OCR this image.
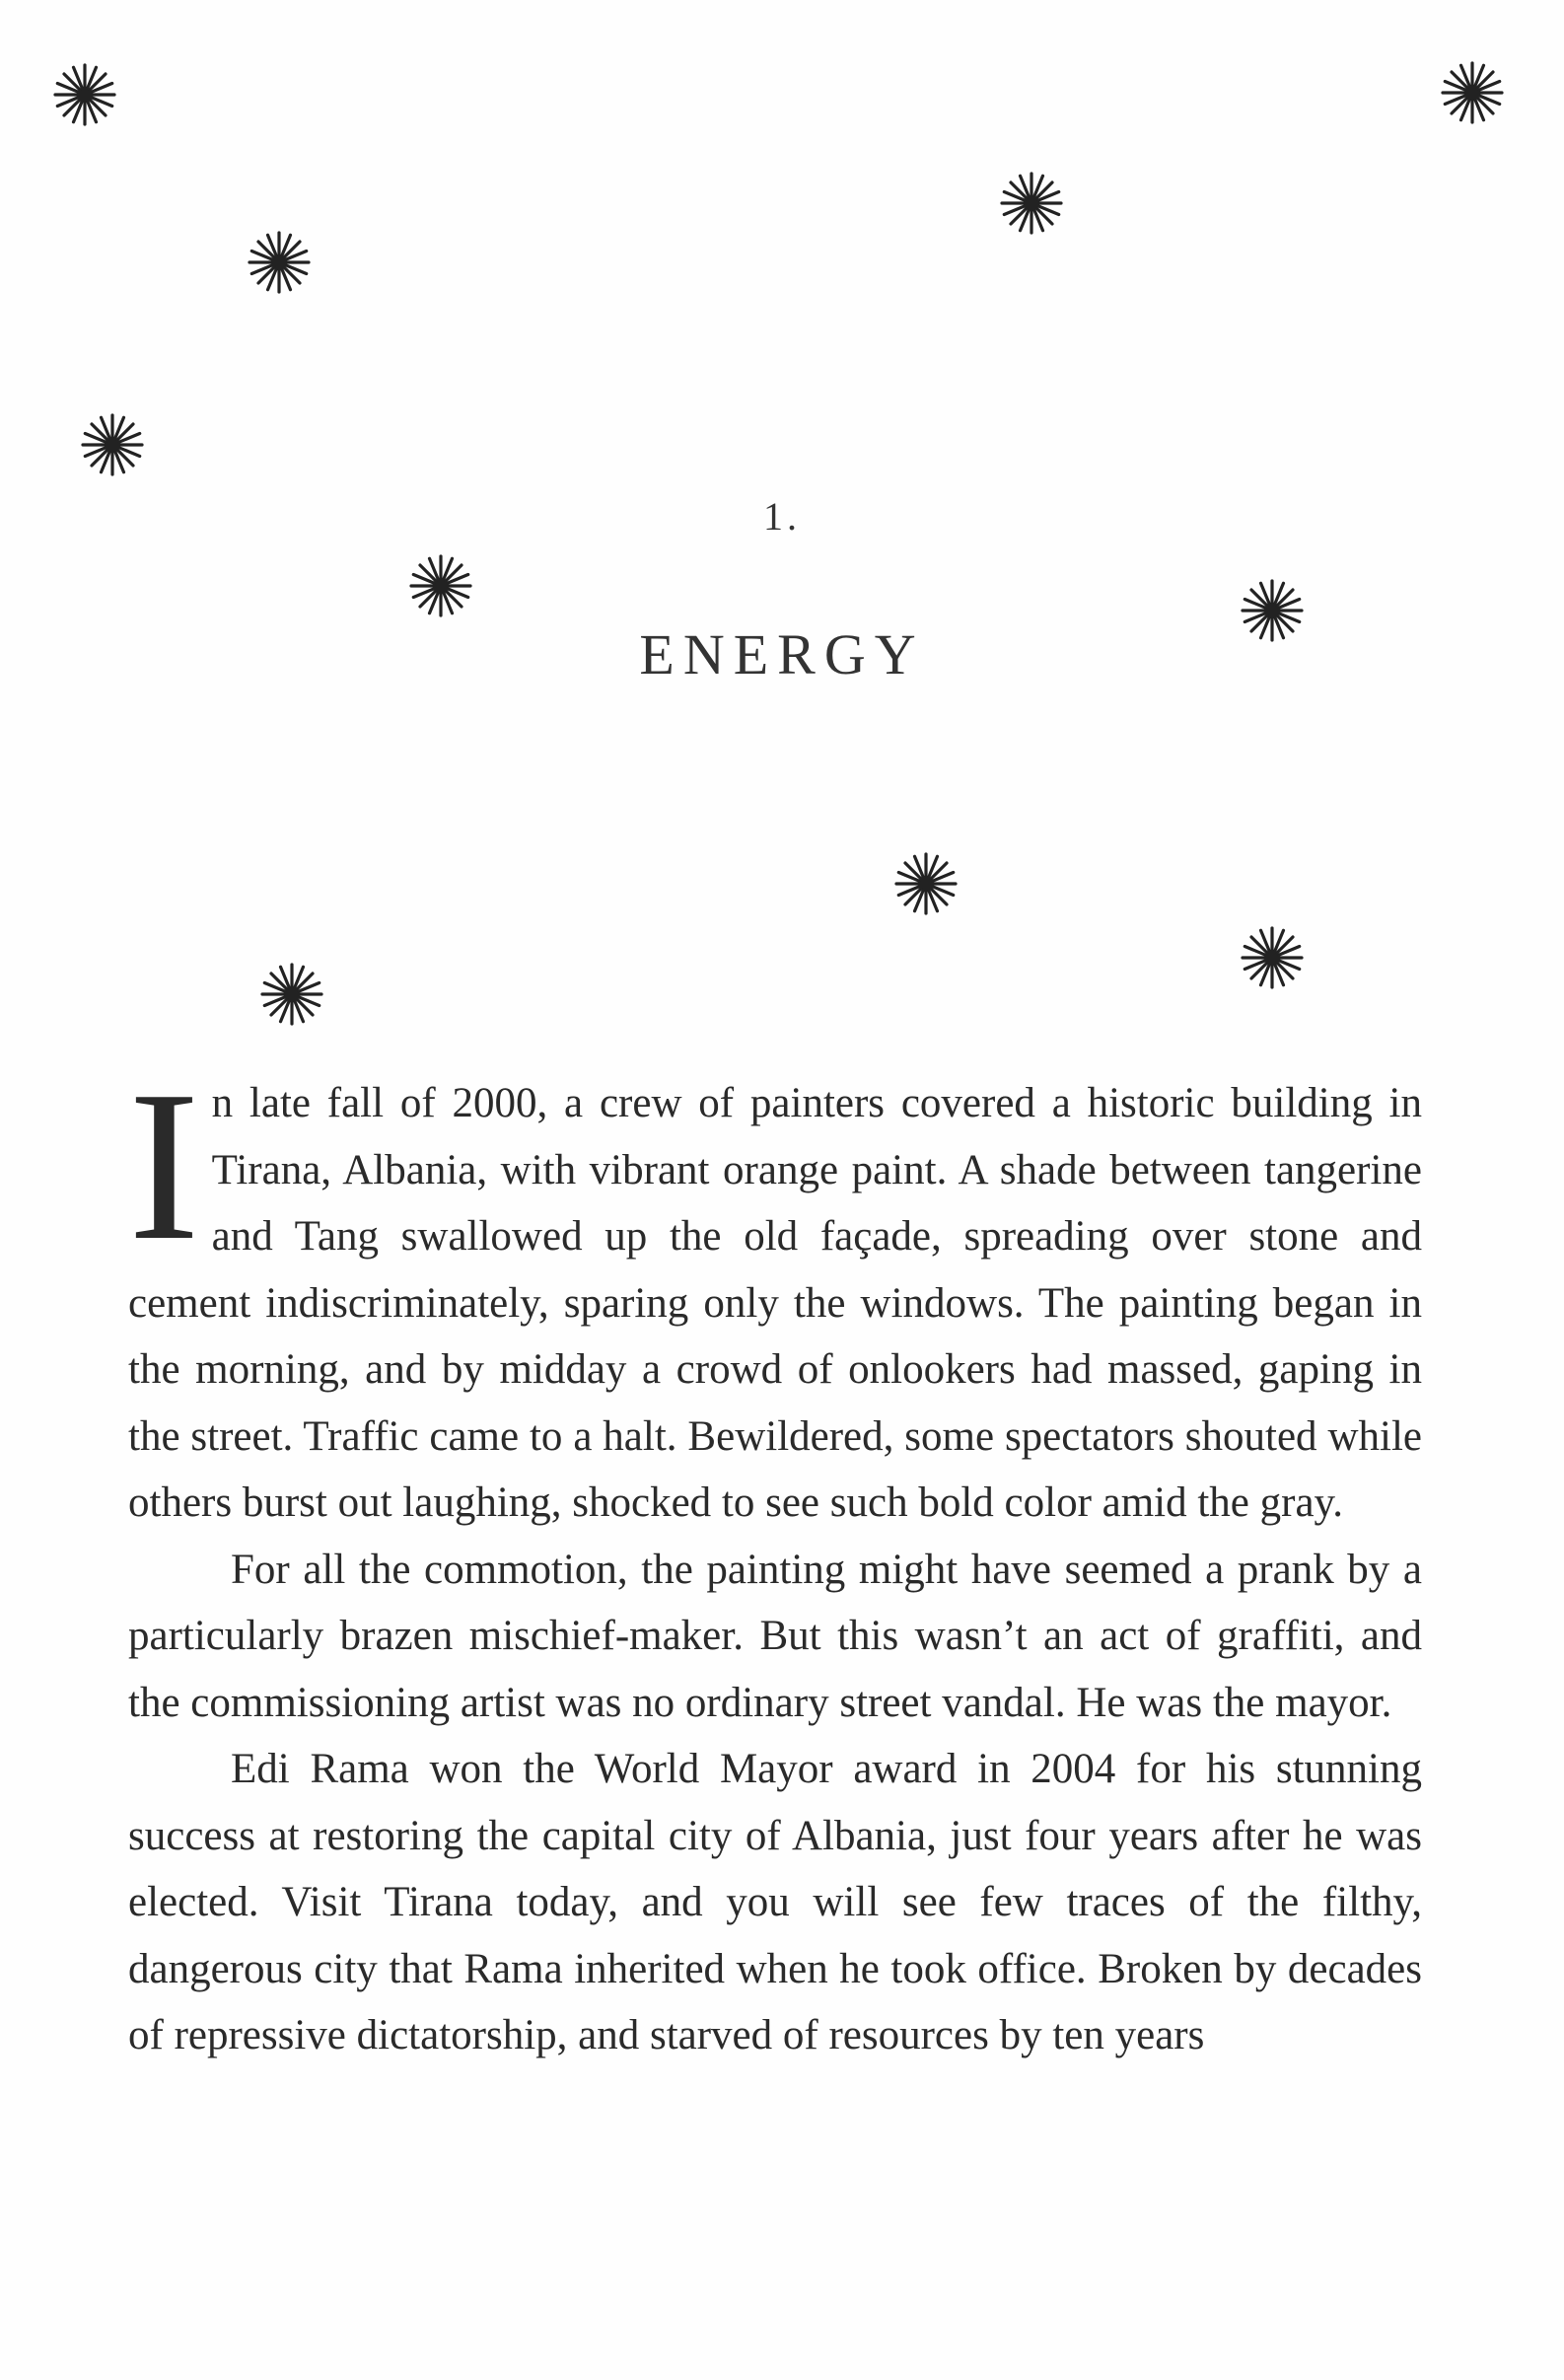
1.
ENERGY

In late fall of 2000, a crew of painters covered a historic building in Tirana, Albania, with vibrant orange paint. A shade between tangerine and Tang swallowed up the old façade, spreading over stone and cement indiscriminately, sparing only the windows. The painting began in the morning, and by midday a crowd of onlookers had massed, gaping in the street. Traffic came to a halt. Bewildered, some spectators shouted while others burst out laughing, shocked to see such bold color amid the gray.

For all the commotion, the painting might have seemed a prank by a particularly brazen mischief-maker. But this wasn’t an act of graffiti, and the commissioning artist was no ordinary street vandal. He was the mayor.

Edi Rama won the World Mayor award in 2004 for his stunning success at restoring the capital city of Albania, just four years after he was elected. Visit Tirana today, and you will see few traces of the filthy, dangerous city that Rama inherited when he took office. Broken by decades of repressive dictatorship, and starved of resources by ten years
